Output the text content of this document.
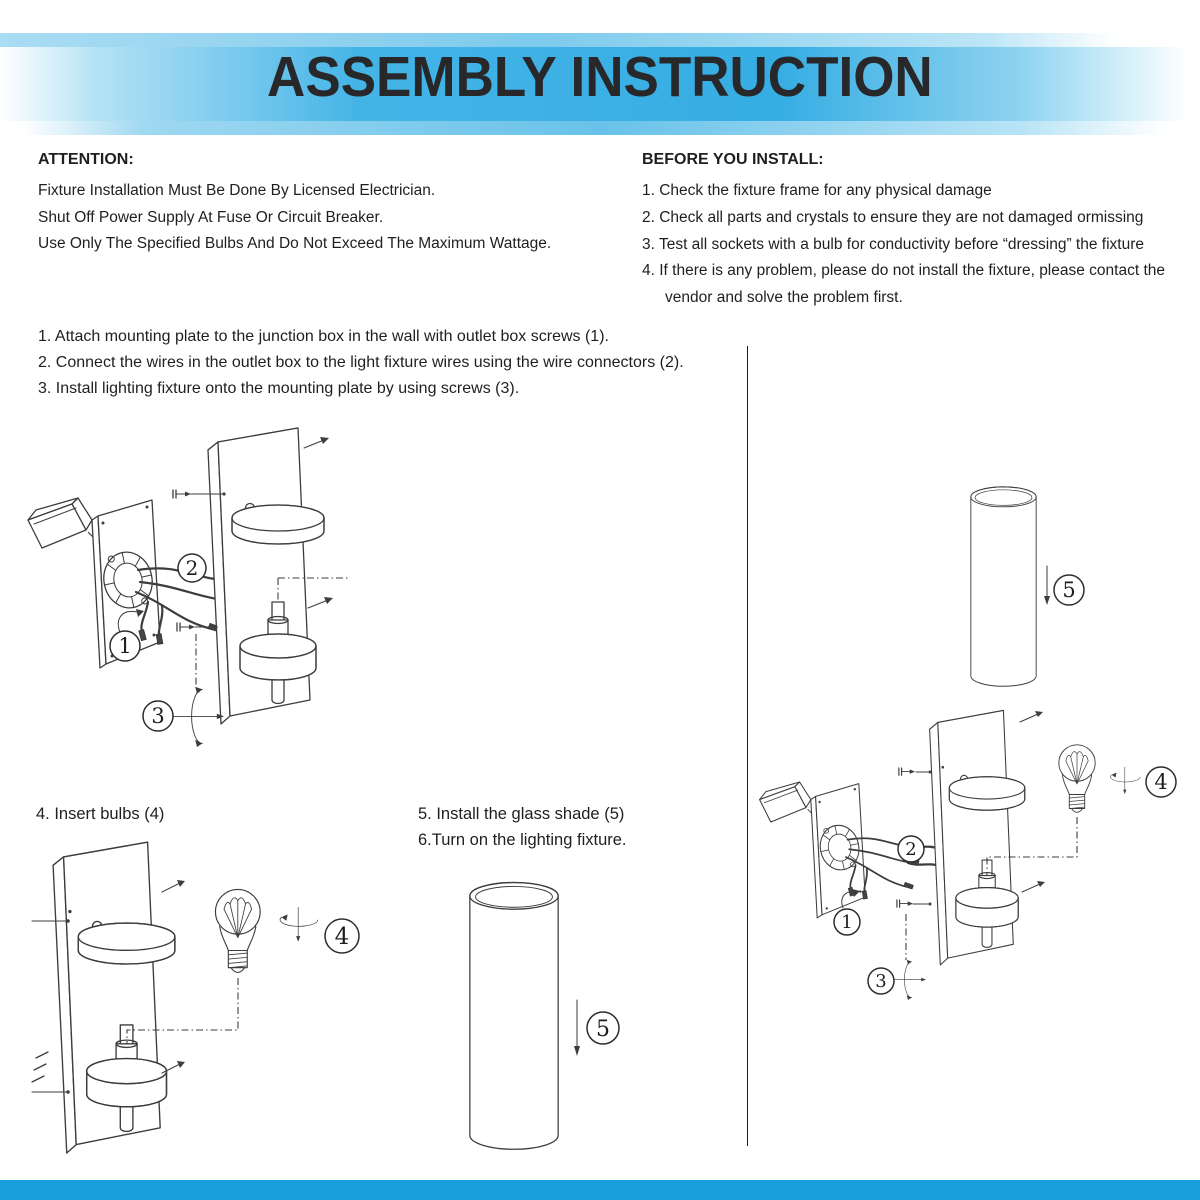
ASSEMBLY INSTRUCTION

ATTENTION:

Fixture Installation Must Be Done By Licensed Electrician.

Shut Off Power Supply At Fuse Or Circuit Breaker.

Use Only The Specified Bulbs And Do Not Exceed The Maximum Wattage.

BEFORE YOU INSTALL:

1. Check the fixture frame for any physical damage

2. Check all parts and crystals to ensure they are not damaged ormissing

3. Test all sockets with a bulb for conductivity before “dressing” the fixture

4. If there is any problem, please do not install the fixture, please contact the

vendor and solve the problem first.

1. Attach mounting plate to the junction box in the wall with outlet box screws (1).

2. Connect the wires in the outlet box to the light fixture wires using the wire connectors (2).

3. Install lighting fixture onto the mounting plate by using screws (3).

4. Insert bulbs (4)	5. Install the glass shade (5)
6.Turn on the lighting fixture.
1
2
3
4
5
5
1
2
3
4
